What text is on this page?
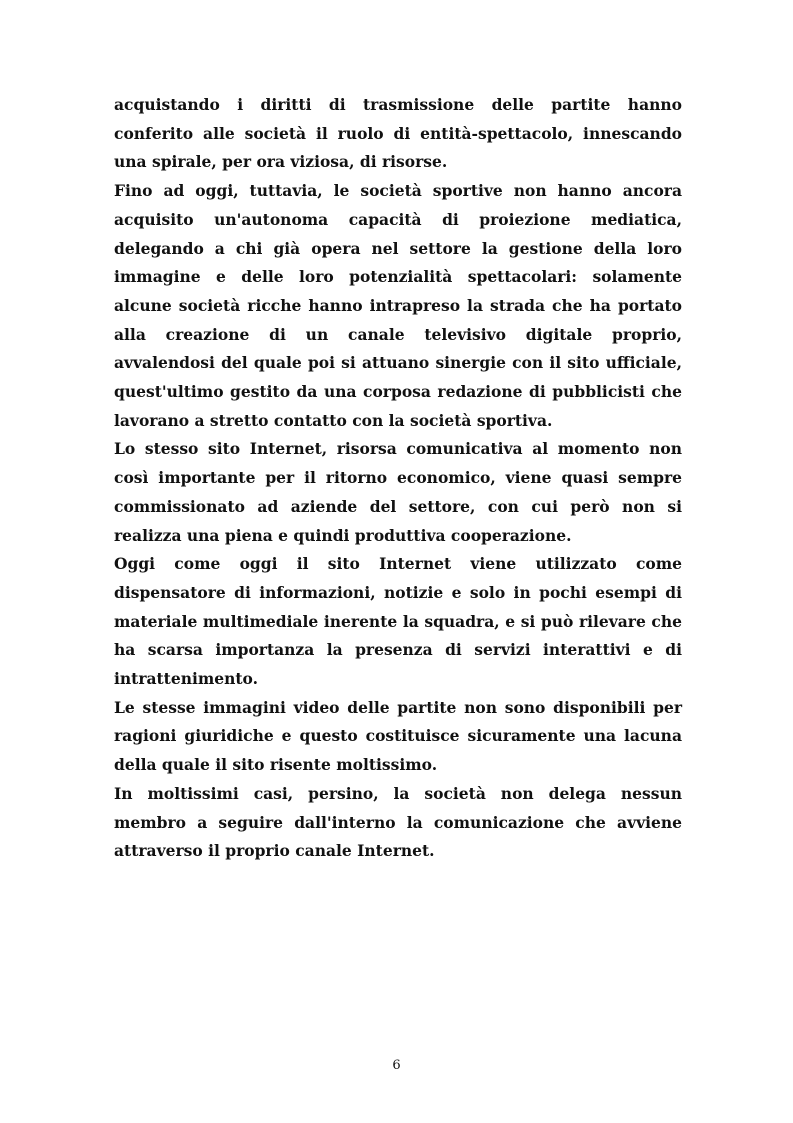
acquistando i diritti di trasmissione delle partite hanno conferito alle società il ruolo di entità-spettacolo, innescando una spirale, per ora viziosa, di risorse.

Fino ad oggi, tuttavia, le società sportive non hanno ancora acquisito un'autonoma capacità di proiezione mediatica, delegando a chi già opera nel settore la gestione della loro immagine e delle loro potenzialità spettacolari: solamente alcune società ricche hanno intrapreso la strada che ha portato alla creazione di un canale televisivo digitale proprio, avvalendosi del quale poi si attuano sinergie con il sito ufficiale, quest'ultimo gestito da una corposa redazione di pubblicisti che lavorano a stretto contatto con la società sportiva.

Lo stesso sito Internet, risorsa comunicativa al momento non così importante per il ritorno economico, viene quasi sempre commissionato ad aziende del settore, con cui però non si realizza una piena e quindi produttiva cooperazione.

Oggi come oggi il sito Internet viene utilizzato come dispensatore di informazioni, notizie e solo in pochi esempi di materiale multimediale inerente la squadra, e si può rilevare che ha scarsa importanza la presenza di servizi interattivi e di intrattenimento.

Le stesse immagini video delle partite non sono disponibili per ragioni giuridiche e questo costituisce sicuramente una lacuna della quale il sito risente moltissimo.

In moltissimi casi, persino, la società non delega nessun membro a seguire dall'interno la comunicazione che avviene attraverso il proprio canale Internet.

6
